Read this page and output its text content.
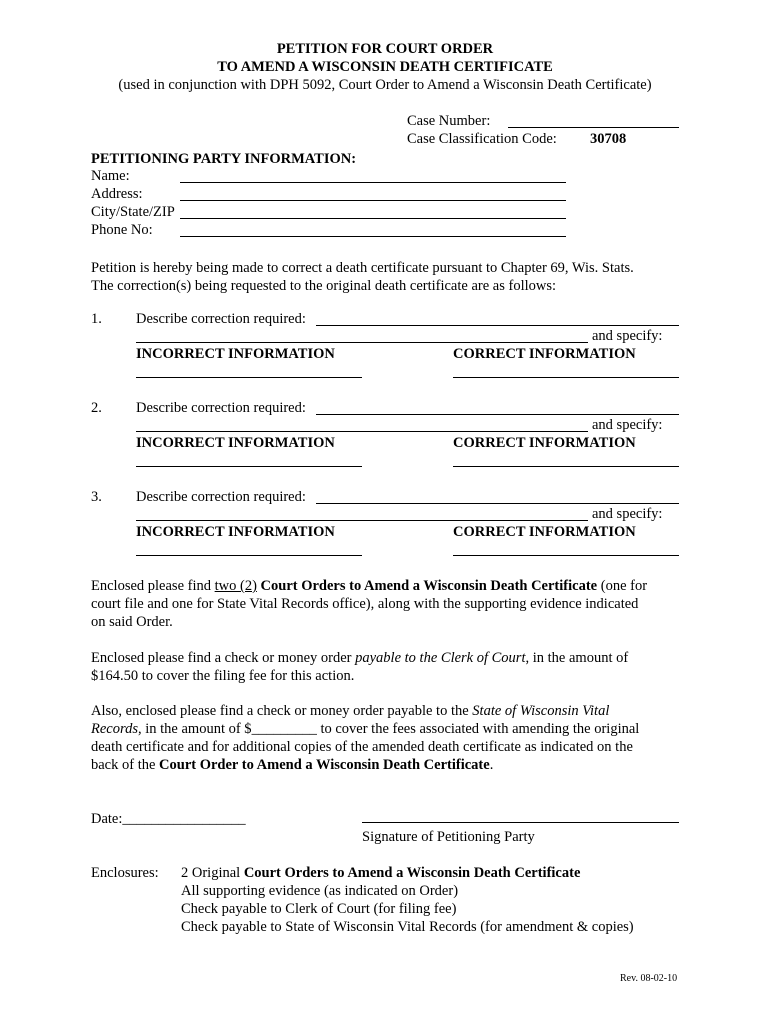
PETITION FOR COURT ORDER
TO AMEND A WISCONSIN DEATH CERTIFICATE
(used in conjunction with DPH 5092, Court Order to Amend a Wisconsin Death Certificate)
Case Number:
Case Classification Code: 30708
PETITIONING PARTY INFORMATION:
Name:
Address:
City/State/ZIP
Phone No:
Petition is hereby being made to correct a death certificate pursuant to Chapter 69, Wis. Stats.
The correction(s) being requested to the original death certificate are as follows:
1. Describe correction required:
and specify:
INCORRECT INFORMATION	CORRECT INFORMATION
2. Describe correction required:
and specify:
INCORRECT INFORMATION	CORRECT INFORMATION
3. Describe correction required:
and specify:
INCORRECT INFORMATION	CORRECT INFORMATION
Enclosed please find two (2) Court Orders to Amend a Wisconsin Death Certificate (one for
court file and one for State Vital Records office), along with the supporting evidence indicated
on said Order.
Enclosed please find a check or money order payable to the Clerk of Court, in the amount of
$164.50 to cover the filing fee for this action.
Also, enclosed please find a check or money order payable to the State of Wisconsin Vital
Records, in the amount of $_________ to cover the fees associated with amending the original
death certificate and for additional copies of the amended death certificate as indicated on the
back of the Court Order to Amend a Wisconsin Death Certificate.
Date:_________________
Signature of Petitioning Party
Enclosures: 2 Original Court Orders to Amend a Wisconsin Death Certificate
All supporting evidence (as indicated on Order)
Check payable to Clerk of Court (for filing fee)
Check payable to State of Wisconsin Vital Records (for amendment & copies)
Rev. 08-02-10
